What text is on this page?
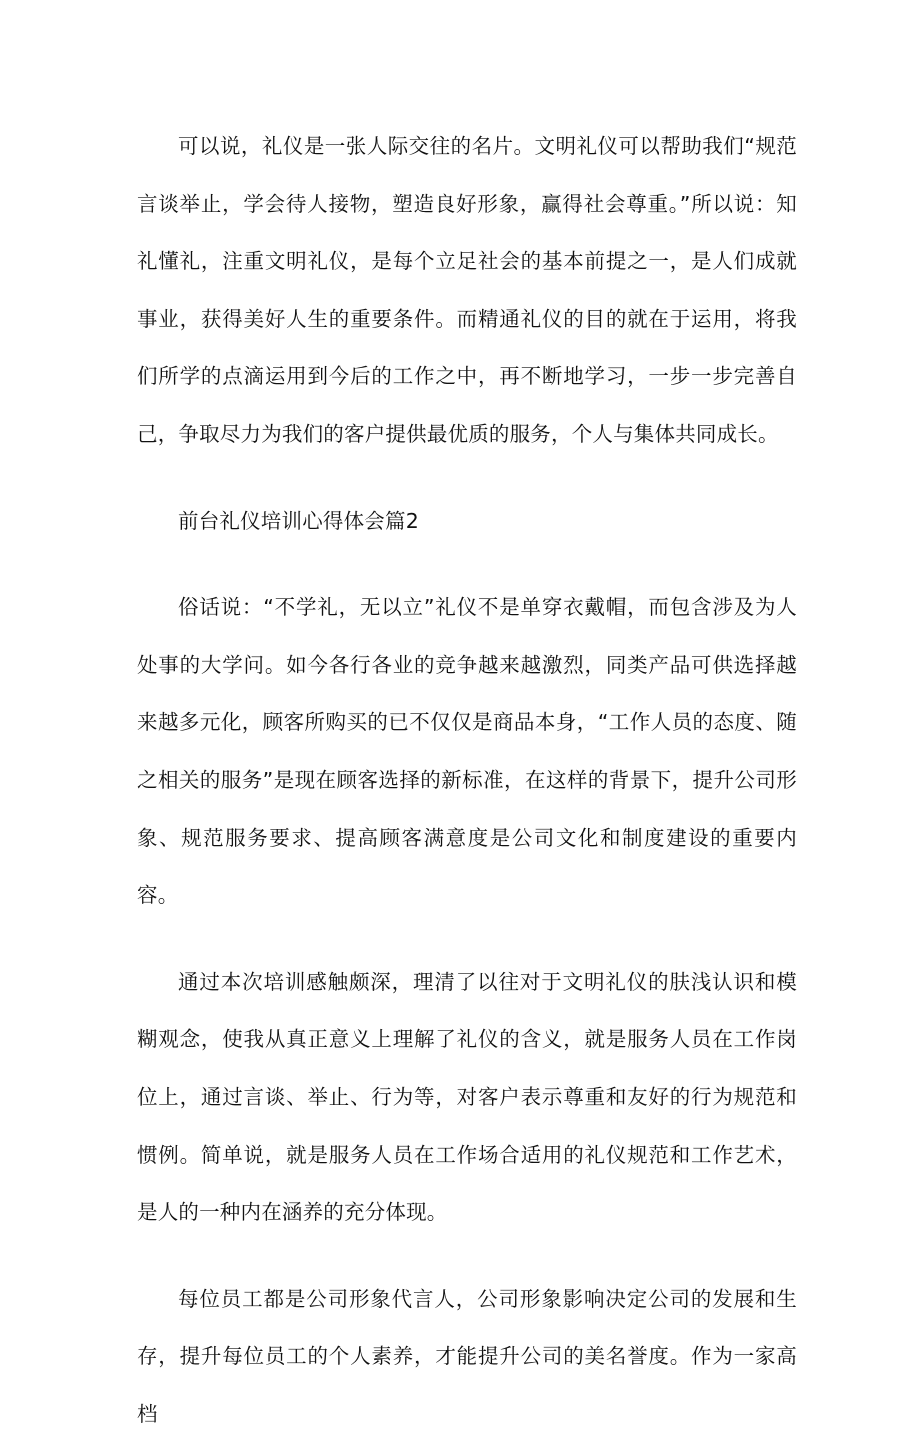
可以说，礼仪是一张人际交往的名片。文明礼仪可以帮助我们“规范言谈举止，学会待人接物，塑造良好形象，赢得社会尊重。”所以说：知礼懂礼，注重文明礼仪，是每个立足社会的基本前提之一，是人们成就事业，获得美好人生的重要条件。而精通礼仪的目的就在于运用，将我们所学的点滴运用到今后的工作之中，再不断地学习，一步一步完善自己，争取尽力为我们的客户提供最优质的服务，个人与集体共同成长。

前台礼仪培训心得体会篇2

俗话说：“不学礼，无以立”礼仪不是单穿衣戴帽，而包含涉及为人处事的大学问。如今各行各业的竞争越来越激烈，同类产品可供选择越来越多元化，顾客所购买的已不仅仅是商品本身，“工作人员的态度、随之相关的服务”是现在顾客选择的新标准，在这样的背景下，提升公司形象、规范服务要求、提高顾客满意度是公司文化和制度建设的重要内容。

通过本次培训感触颇深，理清了以往对于文明礼仪的肤浅认识和模糊观念，使我从真正意义上理解了礼仪的含义，就是服务人员在工作岗位上，通过言谈、举止、行为等，对客户表示尊重和友好的行为规范和惯例。简单说，就是服务人员在工作场合适用的礼仪规范和工作艺术，是人的一种内在涵养的充分体现。

每位员工都是公司形象代言人，公司形象影响决定公司的发展和生存，提升每位员工的个人素养，才能提升公司的美名誉度。作为一家高档
